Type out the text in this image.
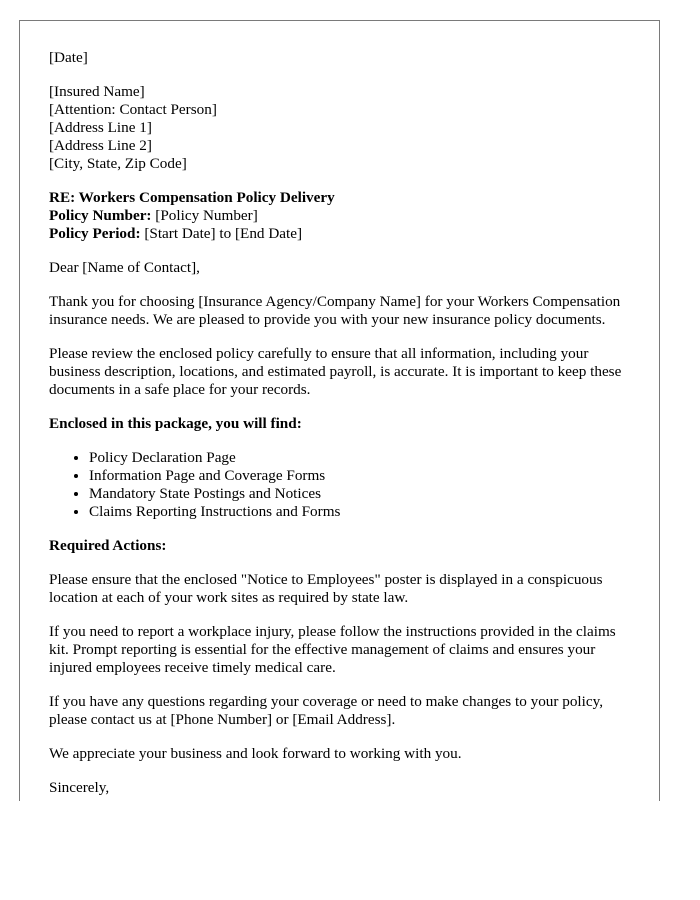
[Date]

[Insured Name]

[Attention: Contact Person]

[Address Line 1]

[Address Line 2]

[City, State, Zip Code]

RE: Workers Compensation Policy Delivery

Policy Number: [Policy Number]

Policy Period: [Start Date] to [End Date]

Dear [Name of Contact],

Thank you for choosing [Insurance Agency/Company Name] for your Workers Compensation insurance needs. We are pleased to provide you with your new insurance policy documents.

Please review the enclosed policy carefully to ensure that all information, including your business description, locations, and estimated payroll, is accurate. It is important to keep these documents in a safe place for your records.

Enclosed in this package, you will find:

• Policy Declaration Page
• Information Page and Coverage Forms
• Mandatory State Postings and Notices
• Claims Reporting Instructions and Forms

Required Actions:

Please ensure that the enclosed "Notice to Employees" poster is displayed in a conspicuous location at each of your work sites as required by state law.

If you need to report a workplace injury, please follow the instructions provided in the claims kit. Prompt reporting is essential for the effective management of claims and ensures your injured employees receive timely medical care.

If you have any questions regarding your coverage or need to make changes to your policy, please contact us at [Phone Number] or [Email Address].

We appreciate your business and look forward to working with you.

Sincerely,
